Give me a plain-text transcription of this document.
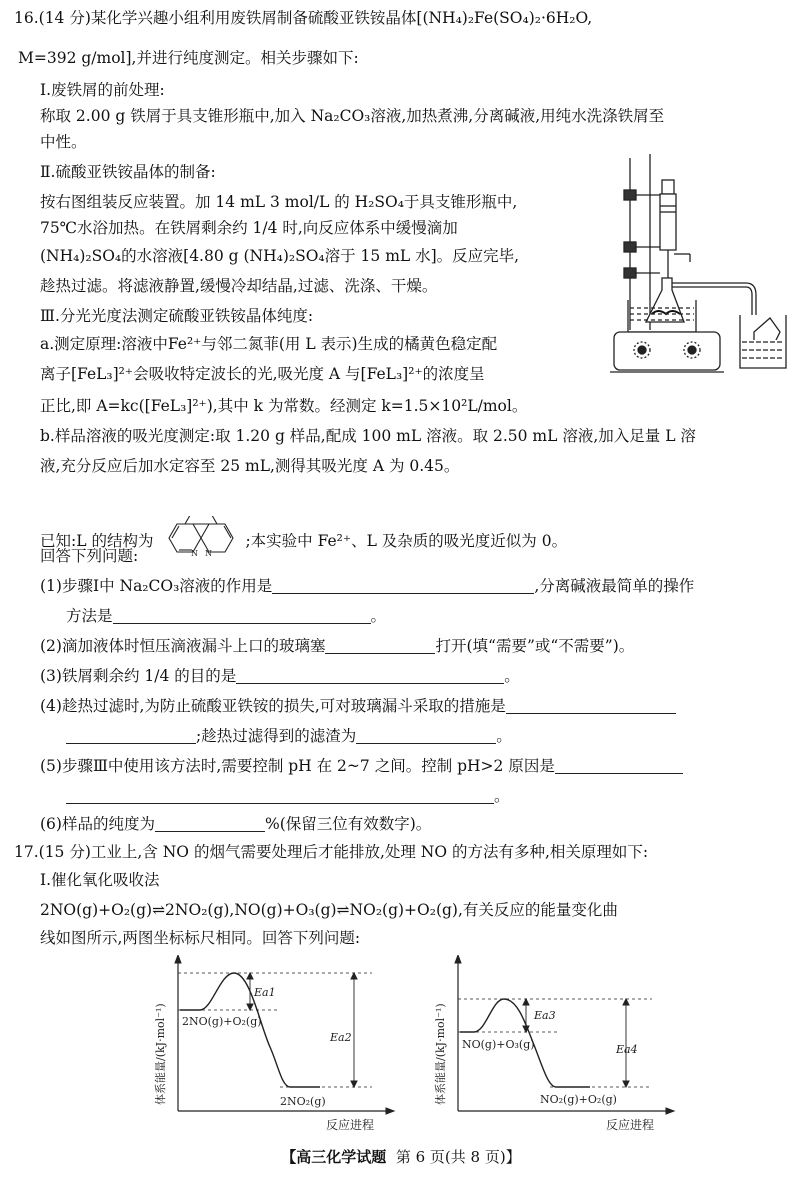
16.(14 分)某化学兴趣小组利用废铁屑制备硫酸亚铁铵晶体[(NH₄)₂Fe(SO₄)₂·6H₂O,
M=392 g/mol],并进行纯度测定。相关步骤如下:
Ⅰ.废铁屑的前处理:
称取 2.00 g 铁屑于具支锥形瓶中,加入 Na₂CO₃溶液,加热煮沸,分离碱液,用纯水洗涤铁屑至
中性。
Ⅱ.硫酸亚铁铵晶体的制备:
按右图组装反应装置。加 14 mL 3 mol/L 的 H₂SO₄于具支锥形瓶中,
75℃水浴加热。在铁屑剩余约 1/4 时,向反应体系中缓慢滴加
(NH₄)₂SO₄的水溶液[4.80 g (NH₄)₂SO₄溶于 15 mL 水]。反应完毕,
趁热过滤。将滤液静置,缓慢冷却结晶,过滤、洗涤、干燥。
Ⅲ.分光光度法测定硫酸亚铁铵晶体纯度:
a.测定原理:溶液中Fe²⁺与邻二氮菲(用 L 表示)生成的橘黄色稳定配
离子[FeL₃]²⁺会吸收特定波长的光,吸光度 A 与[FeL₃]²⁺的浓度呈
正比,即 A=kc([FeL₃]²⁺),其中 k 为常数。经测定 k=1.5×10²L/mol。
b.样品溶液的吸光度测定:取 1.20 g 样品,配成 100 mL 溶液。取 2.50 mL 溶液,加入足量 L 溶
液,充分反应后加水定容至 25 mL,测得其吸光度 A 为 0.45。
已知:L 的结构为
N N
;本实验中 Fe²⁺、L 及杂质的吸光度近似为 0。
回答下列问题:
(1)步骤Ⅰ中 Na₂CO₃溶液的作用是	,分离碱液最简单的操作
方法是	。
(2)滴加液体时恒压滴液漏斗上口的玻璃塞	打开(填“需要”或“不需要”)。
(3)铁屑剩余约 1/4 的目的是	。
(4)趁热过滤时,为防止硫酸亚铁铵的损失,可对玻璃漏斗采取的措施是
;趁热过滤得到的滤渣为	。
(5)步骤Ⅲ中使用该方法时,需要控制 pH 在 2~7 之间。控制 pH>2 原因是
。
(6)样品的纯度为	%(保留三位有效数字)。
17.(15 分)工业上,含 NO 的烟气需要处理后才能排放,处理 NO 的方法有多种,相关原理如下:
Ⅰ.催化氧化吸收法
2NO(g)+O₂(g)⇌2NO₂(g),NO(g)+O₃(g)⇌NO₂(g)+O₂(g),有关反应的能量变化曲
线如图所示,两图坐标标尺相同。回答下列问题:
体系能量/(kJ·mol⁻¹) 2NO(g)+O₂(g)
2NO₂(g)
Ea1
Ea2
反应进程
体系能量/(kJ·mol⁻¹) NO(g)+O₃(g)
NO₂(g)+O₂(g)
Ea3
Ea4
反应进程
【高三化学试题 第 6 页(共 8 页)】
